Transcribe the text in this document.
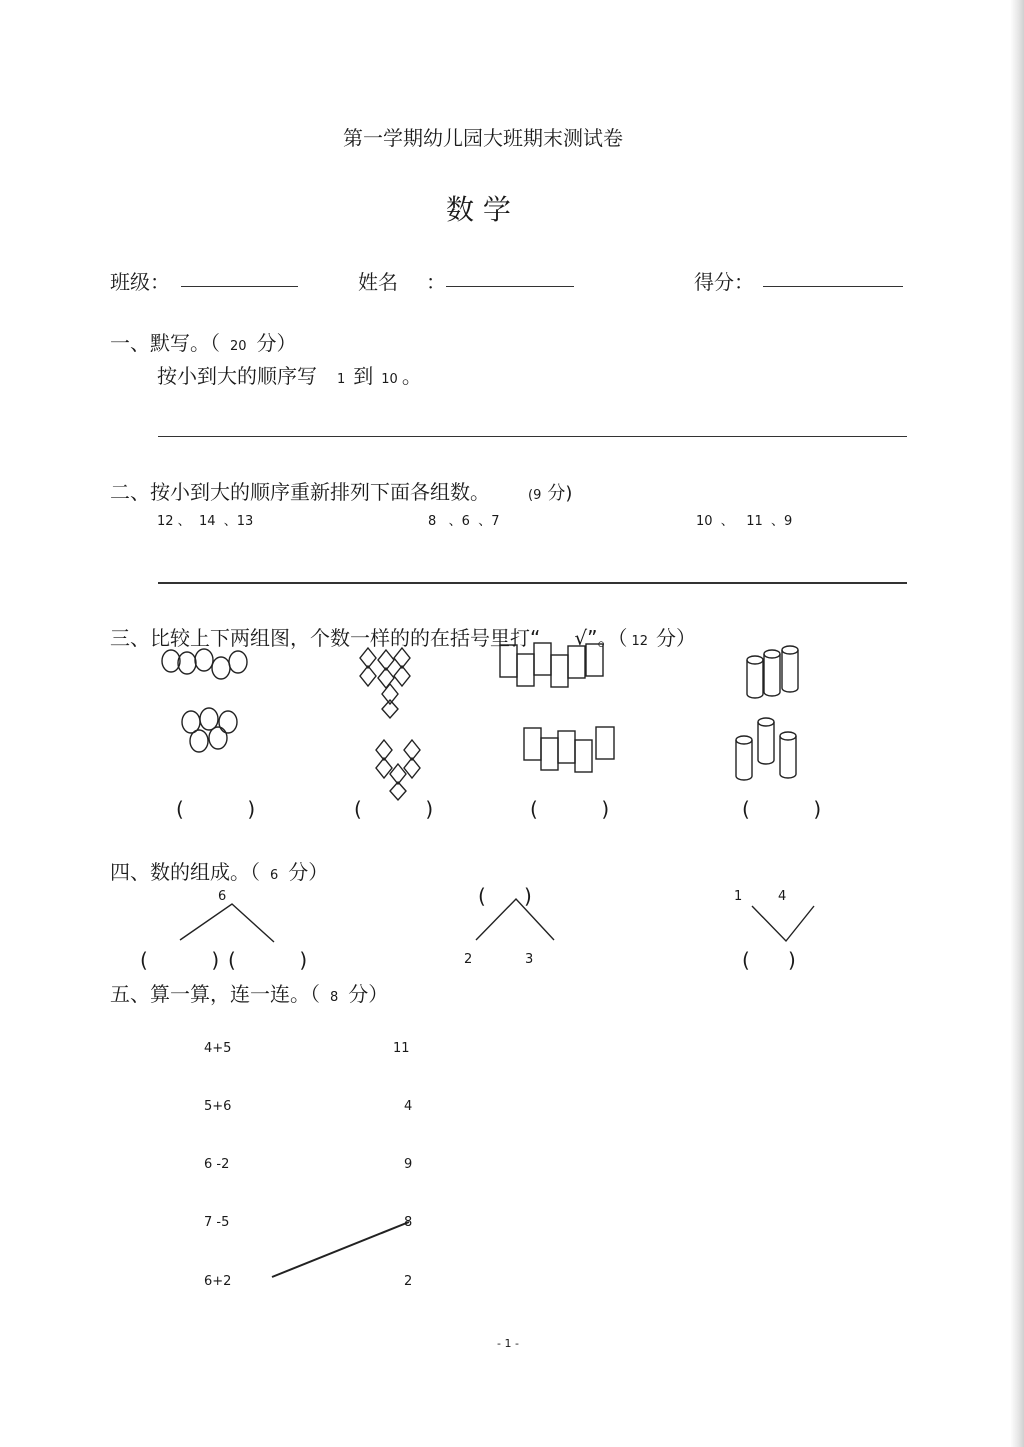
第一学期幼儿园大班期末测试卷
数 学
班级：	姓名 ：	得分：
一、默写。（ 20 分）
按小到大的顺序写 1 到 10 。
二、按小到大的顺序重新排列下面各组数。	(9 分)
12 、  14  、13	8   、6  、7	10  、   11  、9
三、比较上下两组图，个数一样的的在括号里打“ √”。（ 12 分）
(          )	(          )	(          )	(          )
四、数的组成。（ 6 分）
6
(          ) (          )
(      )
2	3
1	4
(      )
五、算一算，连一连。（ 8 分）
4+5
5+6
6 -2
7 -5
6+2
11
4
9
8
2
- 1 -
